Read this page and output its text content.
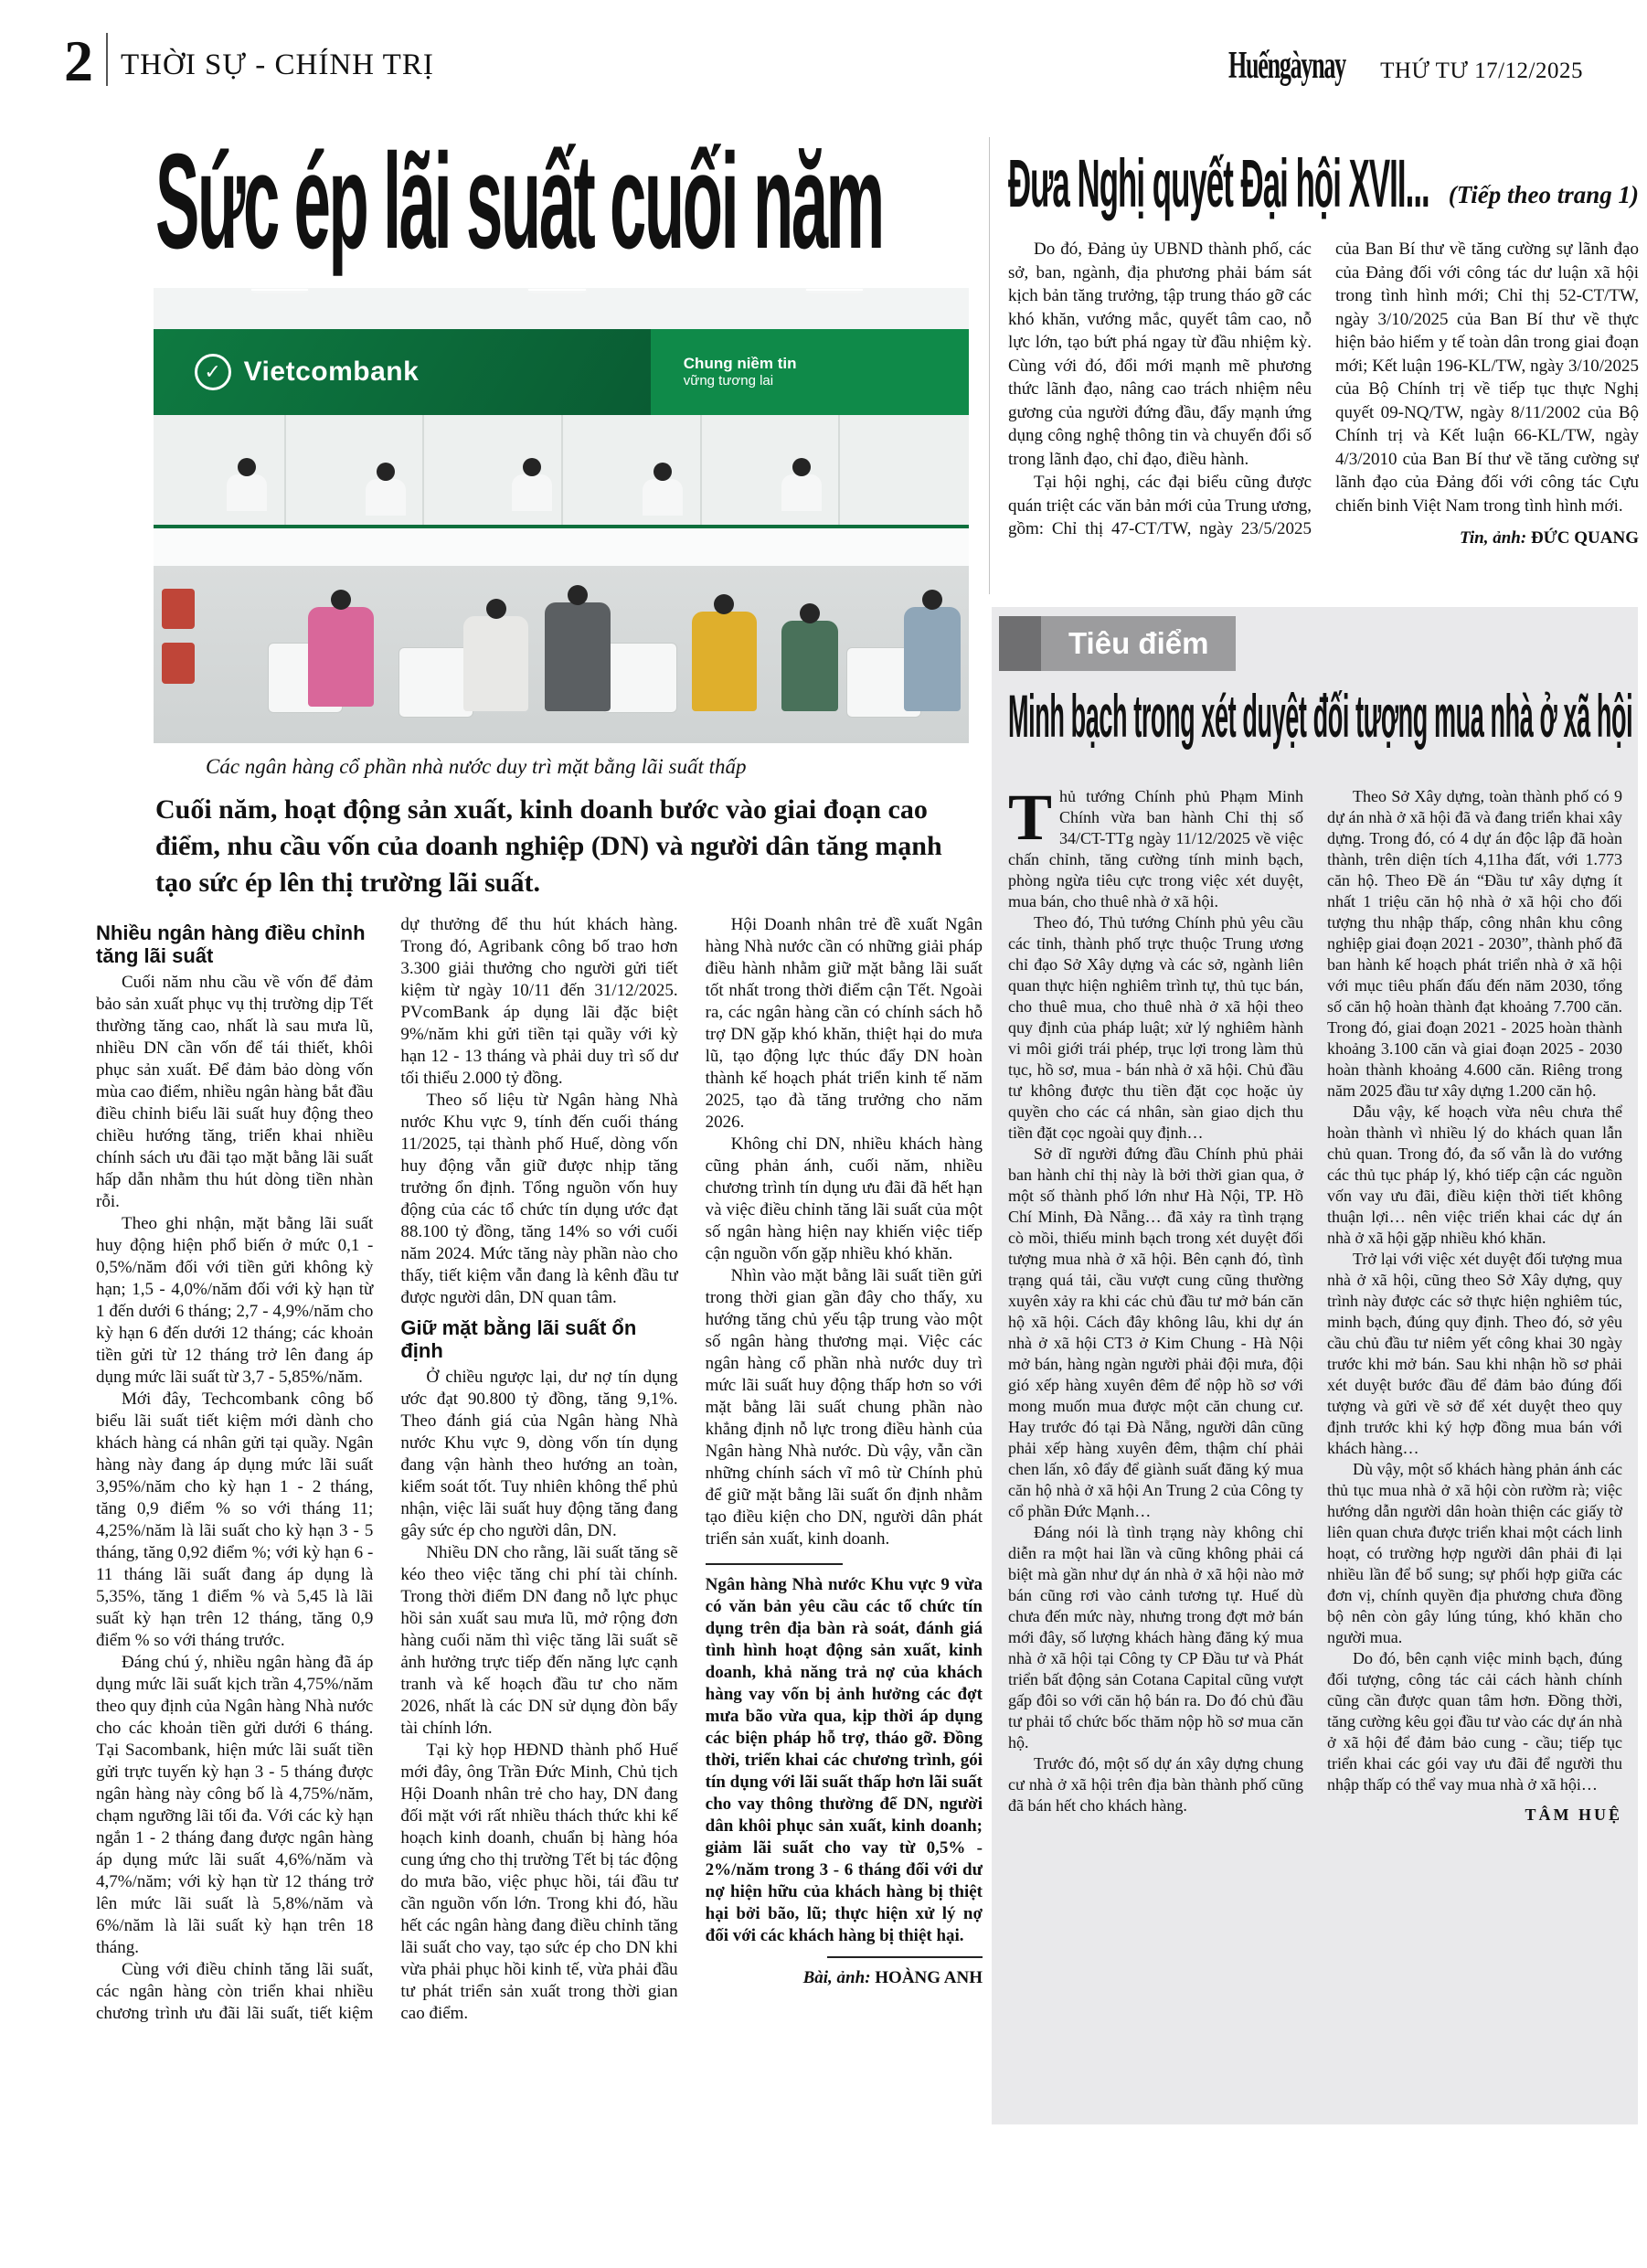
2 THỜI SỰ - CHÍNH TRỊ	Huếngàynay THỨ TƯ 17/12/2025
Sức ép lãi suất cuối năm
✓ Vietcombank	Chung niềm tin
vững tương lai
Các ngân hàng cổ phần nhà nước duy trì mặt bằng lãi suất thấp
Cuối năm, hoạt động sản xuất, kinh doanh bước vào giai đoạn cao điểm, nhu cầu vốn của doanh nghiệp (DN) và người dân tăng mạnh tạo sức ép lên thị trường lãi suất.
Nhiều ngân hàng điều chỉnh tăng lãi suất

Cuối năm nhu cầu về vốn để đảm bảo sản xuất phục vụ thị trường dịp Tết thường tăng cao, nhất là sau mưa lũ, nhiều DN cần vốn để tái thiết, khôi phục sản xuất. Để đảm bảo dòng vốn mùa cao điểm, nhiều ngân hàng bắt đầu điều chỉnh biểu lãi suất huy động theo chiều hướng tăng, triển khai nhiều chính sách ưu đãi tạo mặt bằng lãi suất hấp dẫn nhằm thu hút dòng tiền nhàn rỗi.

Theo ghi nhận, mặt bằng lãi suất huy động hiện phổ biến ở mức 0,1 - 0,5%/năm đối với tiền gửi không kỳ hạn; 1,5 - 4,0%/năm đối với kỳ hạn từ 1 đến dưới 6 tháng; 2,7 - 4,9%/năm cho kỳ hạn 6 đến dưới 12 tháng; các khoản tiền gửi từ 12 tháng trở lên đang áp dụng mức lãi suất từ 3,7 - 5,85%/năm.

Mới đây, Techcombank công bố biểu lãi suất tiết kiệm mới dành cho khách hàng cá nhân gửi tại quầy. Ngân hàng này đang áp dụng mức lãi suất 3,95%/năm cho kỳ hạn 1 - 2 tháng, tăng 0,9 điểm % so với tháng 11; 4,25%/năm là lãi suất cho kỳ hạn 3 - 5 tháng, tăng 0,92 điểm %; với kỳ hạn 6 - 11 tháng lãi suất đang áp dụng là 5,35%, tăng 1 điểm % và 5,45 là lãi suất kỳ hạn trên 12 tháng, tăng 0,9 điểm % so với tháng trước.

Đáng chú ý, nhiều ngân hàng đã áp dụng mức lãi suất kịch trần 4,75%/năm theo quy định của Ngân hàng Nhà nước cho các khoản tiền gửi dưới 6 tháng. Tại Sacombank, hiện mức lãi suất tiền gửi trực tuyến kỳ hạn 3 - 5 tháng được ngân hàng này công bố là 4,75%/năm, chạm ngưỡng lãi tối đa. Với các kỳ hạn ngắn 1 - 2 tháng đang được ngân hàng áp dụng mức lãi suất 4,6%/năm và 4,7%/năm; với kỳ hạn từ 12 tháng trở lên mức lãi suất là 5,8%/năm và 6%/năm là lãi suất kỳ hạn trên 18 tháng.

Cùng với điều chỉnh tăng lãi suất, các ngân hàng còn triển khai nhiều chương trình ưu đãi lãi suất, tiết kiệm dự thưởng để thu hút khách hàng. Trong đó, Agribank công bố trao hơn 3.300 giải thưởng cho người gửi tiết kiệm từ ngày 10/11 đến 31/12/2025. PVcomBank áp dụng lãi đặc biệt 9%/năm khi gửi tiền tại quầy với kỳ hạn 12 - 13 tháng và phải duy trì số dư tối thiểu 2.000 tỷ đồng.

Theo số liệu từ Ngân hàng Nhà nước Khu vực 9, tính đến cuối tháng 11/2025, tại thành phố Huế, dòng vốn huy động vẫn giữ được nhịp tăng trưởng ổn định. Tổng nguồn vốn huy động của các tổ chức tín dụng ước đạt 88.100 tỷ đồng, tăng 14% so với cuối năm 2024. Mức tăng này phần nào cho thấy, tiết kiệm vẫn đang là kênh đầu tư được người dân, DN quan tâm.

Giữ mặt bằng lãi suất ổn định

Ở chiều ngược lại, dư nợ tín dụng ước đạt 90.800 tỷ đồng, tăng 9,1%. Theo đánh giá của Ngân hàng Nhà nước Khu vực 9, dòng vốn tín dụng đang vận hành theo hướng an toàn, kiểm soát tốt. Tuy nhiên không thể phủ nhận, việc lãi suất huy động tăng đang gây sức ép cho người dân, DN.

Nhiều DN cho rằng, lãi suất tăng sẽ kéo theo việc tăng chi phí tài chính. Trong thời điểm DN đang nỗ lực phục hồi sản xuất sau mưa lũ, mở rộng đơn hàng cuối năm thì việc tăng lãi suất sẽ ảnh hưởng trực tiếp đến năng lực cạnh tranh và kế hoạch đầu tư cho năm 2026, nhất là các DN sử dụng đòn bẩy tài chính lớn.

Tại kỳ họp HĐND thành phố Huế mới đây, ông Trần Đức Minh, Chủ tịch Hội Doanh nhân trẻ cho hay, DN đang đối mặt với rất nhiều thách thức khi kế hoạch kinh doanh, chuẩn bị hàng hóa cung ứng cho thị trường Tết bị tác động do mưa bão, việc phục hồi, tái đầu tư cần nguồn vốn lớn. Trong khi đó, hầu hết các ngân hàng đang điều chỉnh tăng lãi suất cho vay, tạo sức ép cho DN khi vừa phải phục hồi kinh tế, vừa phải đầu tư phát triển sản xuất trong thời gian cao điểm.

Hội Doanh nhân trẻ đề xuất Ngân hàng Nhà nước cần có những giải pháp điều hành nhằm giữ mặt bằng lãi suất tốt nhất trong thời điểm cận Tết. Ngoài ra, các ngân hàng cần có chính sách hỗ trợ DN gặp khó khăn, thiệt hại do mưa lũ, tạo động lực thúc đẩy DN hoàn thành kế hoạch phát triển kinh tế năm 2025, tạo đà tăng trưởng cho năm 2026.

Không chỉ DN, nhiều khách hàng cũng phản ánh, cuối năm, nhiều chương trình tín dụng ưu đãi đã hết hạn và việc điều chỉnh tăng lãi suất của một số ngân hàng hiện nay khiến việc tiếp cận nguồn vốn gặp nhiều khó khăn.

Nhìn vào mặt bằng lãi suất tiền gửi trong thời gian gần đây cho thấy, xu hướng tăng chủ yếu tập trung vào một số ngân hàng thương mại. Việc các ngân hàng cổ phần nhà nước duy trì mức lãi suất huy động thấp hơn so với mặt bằng lãi suất chung phần nào khẳng định nỗ lực trong điều hành của Ngân hàng Nhà nước. Dù vậy, vẫn cần những chính sách vĩ mô từ Chính phủ để giữ mặt bằng lãi suất ổn định nhằm tạo điều kiện cho DN, người dân phát triển sản xuất, kinh doanh.

Ngân hàng Nhà nước Khu vực 9 vừa có văn bản yêu cầu các tổ chức tín dụng trên địa bàn rà soát, đánh giá tình hình hoạt động sản xuất, kinh doanh, khả năng trả nợ của khách hàng vay vốn bị ảnh hưởng các đợt mưa bão vừa qua, kịp thời áp dụng các biện pháp hỗ trợ, tháo gỡ. Đồng thời, triển khai các chương trình, gói tín dụng với lãi suất thấp hơn lãi suất cho vay thông thường để DN, người dân khôi phục sản xuất, kinh doanh; giảm lãi suất cho vay từ 0,5% - 2%/năm trong 3 - 6 tháng đối với dư nợ hiện hữu của khách hàng bị thiệt hại bởi bão, lũ; thực hiện xử lý nợ đối với các khách hàng bị thiệt hại.

Bài, ảnh: HOÀNG ANH

Đưa Nghị quyết Đại hội XVII... (Tiếp theo trang 1)

Do đó, Đảng ủy UBND thành phố, các sở, ban, ngành, địa phương phải bám sát kịch bản tăng trưởng, tập trung tháo gỡ các khó khăn, vướng mắc, quyết tâm cao, nỗ lực lớn, tạo bứt phá ngay từ đầu nhiệm kỳ. Cùng với đó, đổi mới mạnh mẽ phương thức lãnh đạo, nâng cao trách nhiệm nêu gương của người đứng đầu, đẩy mạnh ứng dụng công nghệ thông tin và chuyển đổi số trong lãnh đạo, chỉ đạo, điều hành.

Tại hội nghị, các đại biểu cũng được quán triệt các văn bản mới của Trung ương, gồm: Chỉ thị 47-CT/TW, ngày 23/5/2025 của Ban Bí thư về tăng cường sự lãnh đạo của Đảng đối với công tác dư luận xã hội trong tình hình mới; Chỉ thị 52-CT/TW, ngày 3/10/2025 của Ban Bí thư về thực hiện bảo hiểm y tế toàn dân trong giai đoạn mới; Kết luận 196-KL/TW, ngày 3/10/2025 của Bộ Chính trị về tiếp tục thực Nghị quyết 09-NQ/TW, ngày 8/11/2002 của Bộ Chính trị và Kết luận 66-KL/TW, ngày 4/3/2010 của Ban Bí thư về tăng cường sự lãnh đạo của Đảng đối với công tác Cựu chiến binh Việt Nam trong tình hình mới.

Tin, ảnh: ĐỨC QUANG

Tiêu điểm
Minh bạch trong xét duyệt đối tượng mua nhà ở xã hội

Thủ tướng Chính phủ Phạm Minh Chính vừa ban hành Chỉ thị số 34/CT-TTg ngày 11/12/2025 về việc chấn chỉnh, tăng cường tính minh bạch, phòng ngừa tiêu cực trong việc xét duyệt, mua bán, cho thuê nhà ở xã hội.

Theo đó, Thủ tướng Chính phủ yêu cầu các tỉnh, thành phố trực thuộc Trung ương chỉ đạo Sở Xây dựng và các sở, ngành liên quan thực hiện nghiêm trình tự, thủ tục bán, cho thuê mua, cho thuê nhà ở xã hội theo quy định của pháp luật; xử lý nghiêm hành vi môi giới trái phép, trục lợi trong làm thủ tục, hồ sơ, mua - bán nhà ở xã hội. Chủ đầu tư không được thu tiền đặt cọc hoặc ủy quyền cho các cá nhân, sàn giao dịch thu tiền đặt cọc ngoài quy định…

Sở dĩ người đứng đầu Chính phủ phải ban hành chỉ thị này là bởi thời gian qua, ở một số thành phố lớn như Hà Nội, TP. Hồ Chí Minh, Đà Nẵng… đã xảy ra tình trạng cò mồi, thiếu minh bạch trong xét duyệt đối tượng mua nhà ở xã hội. Bên cạnh đó, tình trạng quá tải, cầu vượt cung cũng thường xuyên xảy ra khi các chủ đầu tư mở bán căn hộ xã hội. Cách đây không lâu, khi dự án nhà ở xã hội CT3 ở Kim Chung - Hà Nội mở bán, hàng ngàn người phải đội mưa, đội gió xếp hàng xuyên đêm để nộp hồ sơ với mong muốn mua được một căn chung cư. Hay trước đó tại Đà Nẵng, người dân cũng phải xếp hàng xuyên đêm, thậm chí phải chen lấn, xô đẩy để giành suất đăng ký mua căn hộ nhà ở xã hội An Trung 2 của Công ty cổ phần Đức Mạnh…

Đáng nói là tình trạng này không chỉ diễn ra một hai lần và cũng không phải cá biệt mà gần như dự án nhà ở xã hội nào mở bán cũng rơi vào cảnh tương tự. Huế dù chưa đến mức này, nhưng trong đợt mở bán mới đây, số lượng khách hàng đăng ký mua nhà ở xã hội tại Công ty CP Đầu tư và Phát triển bất động sản Cotana Capital cũng vượt gấp đôi so với căn hộ bán ra. Do đó chủ đầu tư phải tổ chức bốc thăm nộp hồ sơ mua căn hộ.

Trước đó, một số dự án xây dựng chung cư nhà ở xã hội trên địa bàn thành phố cũng đã bán hết cho khách hàng.

Theo Sở Xây dựng, toàn thành phố có 9 dự án nhà ở xã hội đã và đang triển khai xây dựng. Trong đó, có 4 dự án độc lập đã hoàn thành, trên diện tích 4,11ha đất, với 1.773 căn hộ. Theo Đề án “Đầu tư xây dựng ít nhất 1 triệu căn hộ nhà ở xã hội cho đối tượng thu nhập thấp, công nhân khu công nghiệp giai đoạn 2021 - 2030”, thành phố đã ban hành kế hoạch phát triển nhà ở xã hội với mục tiêu phấn đấu đến năm 2030, tổng số căn hộ hoàn thành đạt khoảng 7.700 căn. Trong đó, giai đoạn 2021 - 2025 hoàn thành khoảng 3.100 căn và giai đoạn 2025 - 2030 hoàn thành khoảng 4.600 căn. Riêng trong năm 2025 đầu tư xây dựng 1.200 căn hộ.

Dẫu vậy, kế hoạch vừa nêu chưa thể hoàn thành vì nhiều lý do khách quan lẫn chủ quan. Trong đó, đa số vẫn là do vướng các thủ tục pháp lý, khó tiếp cận các nguồn vốn vay ưu đãi, điều kiện thời tiết không thuận lợi… nên việc triển khai các dự án nhà ở xã hội gặp nhiều khó khăn.

Trở lại với việc xét duyệt đối tượng mua nhà ở xã hội, cũng theo Sở Xây dựng, quy trình này được các sở thực hiện nghiêm túc, minh bạch, đúng quy định. Theo đó, sở yêu cầu chủ đầu tư niêm yết công khai 30 ngày trước khi mở bán. Sau khi nhận hồ sơ phải xét duyệt bước đầu để đảm bảo đúng đối tượng và gửi về sở để xét duyệt theo quy định trước khi ký hợp đồng mua bán với khách hàng…

Dù vậy, một số khách hàng phản ánh các thủ tục mua nhà ở xã hội còn rườm rà; việc hướng dẫn người dân hoàn thiện các giấy tờ liên quan chưa được triển khai một cách linh hoạt, có trường hợp người dân phải đi lại nhiều lần để bổ sung; sự phối hợp giữa các đơn vị, chính quyền địa phương chưa đồng bộ nên còn gây lúng túng, khó khăn cho người mua.

Do đó, bên cạnh việc minh bạch, đúng đối tượng, công tác cải cách hành chính cũng cần được quan tâm hơn. Đồng thời, tăng cường kêu gọi đầu tư vào các dự án nhà ở xã hội để đảm bảo cung - cầu; tiếp tục triển khai các gói vay ưu đãi để người thu nhập thấp có thể vay mua nhà ở xã hội…

TÂM HUỆ
